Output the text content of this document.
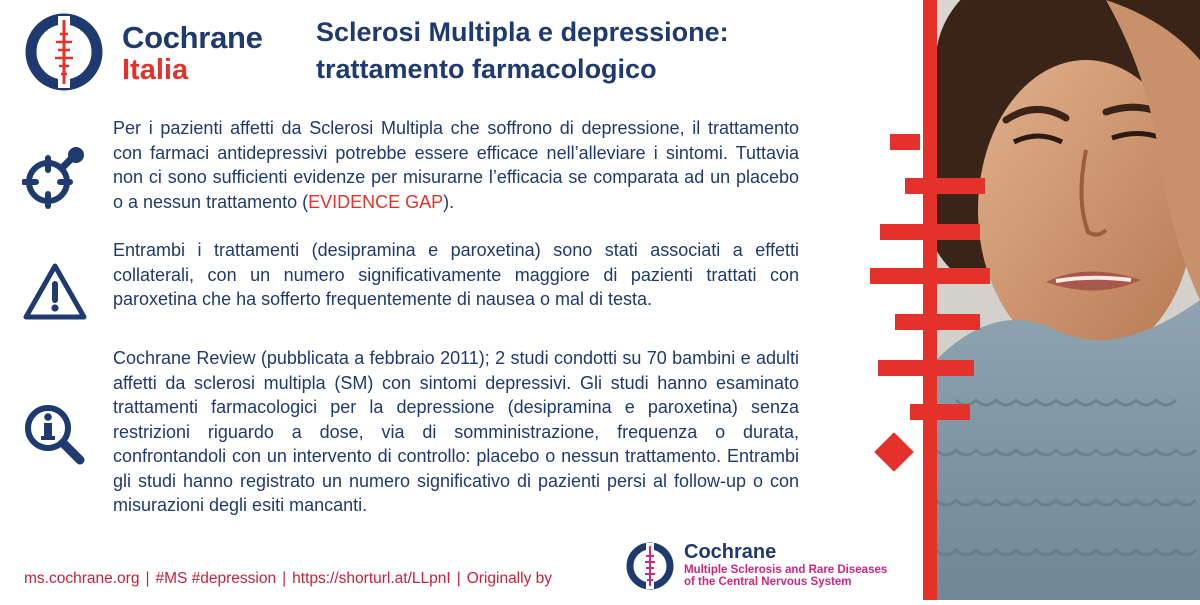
Cochrane
Italia
Sclerosi Multipla e depressione:
trattamento farmacologico
Per i pazienti affetti da Sclerosi Multipla che soffrono di depressione, il trattamento con farmaci antidepressivi potrebbe essere efficace nell’alleviare i sintomi. Tuttavia non ci sono sufficienti evidenze per misurarne l’efficacia se comparata ad un placebo o a nessun trattamento (EVIDENCE GAP).
Entrambi i trattamenti (desipramina e paroxetina) sono stati associati a effetti collaterali, con un numero significativamente maggiore di pazienti trattati con paroxetina che ha sofferto frequentemente di nausea o mal di testa.
Cochrane Review (pubblicata a febbraio 2011); 2 studi condotti su 70 bambini e adulti affetti da sclerosi multipla (SM) con sintomi depressivi. Gli studi hanno esaminato trattamenti farmacologici per la depressione (desipramina e paroxetina) senza restrizioni riguardo a dose, via di somministrazione, frequenza o durata, confrontandoli con un intervento di controllo: placebo o nessun trattamento. Entrambi gli studi hanno registrato un numero significativo di pazienti persi al follow-up o con misurazioni degli esiti mancanti.
ms.cochrane.org | #MS #depression | https://shorturl.at/LLpnI | Originally by
Cochrane
Multiple Sclerosis and Rare Diseases
of the Central Nervous System
